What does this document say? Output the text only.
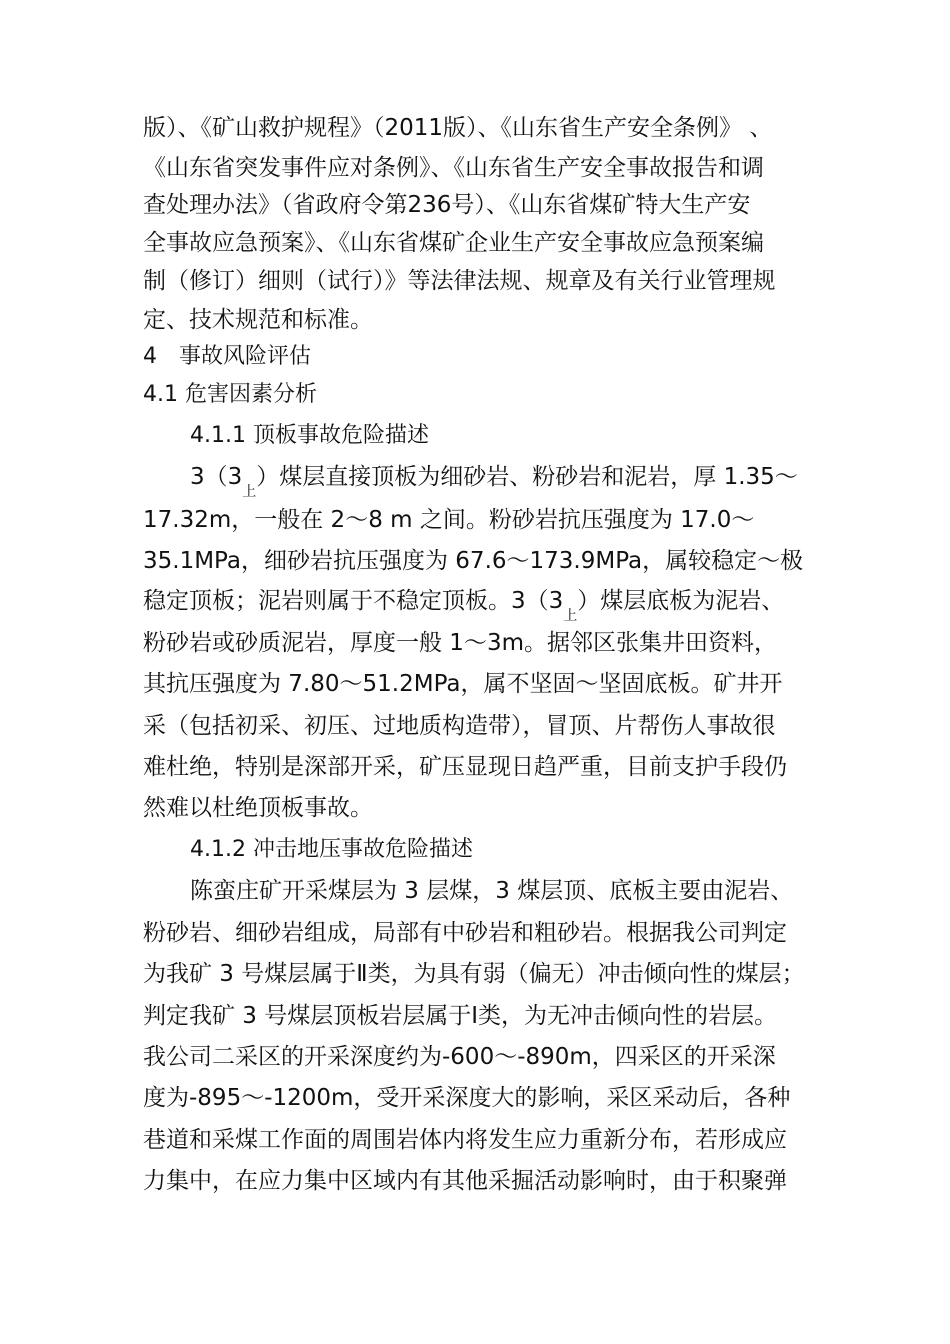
版）、《矿山救护规程》（2011版）、《山东省生产安全条例》 、
《山东省突发事件应对条例》、《山东省生产安全事故报告和调
查处理办法》（省政府令第236号）、《山东省煤矿特大生产安
全事故应急预案》、《山东省煤矿企业生产安全事故应急预案编
制（修订）细则（试行）》等法律法规、规章及有关行业管理规
定、技术规范和标准。
4　事故风险评估
4.1 危害因素分析
4.1.1 顶板事故危险描述
$3(3_上)$煤层直接顶板为细砂岩、粉砂岩和泥岩，厚 1.35～
17.32m，一般在 2～8 m 之间。粉砂岩抗压强度为 17.0～
35.1MPa，细砂岩抗压强度为 67.6～173.9MPa，属较稳定～极
稳定顶板；泥岩则属于不稳定顶板。$3(3_上)$煤层底板为泥岩、
粉砂岩或砂质泥岩，厚度一般 1～3m。据邻区张集井田资料，
其抗压强度为 7.80～51.2MPa，属不坚固～坚固底板。矿井开
采（包括初采、初压、过地质构造带），冒顶、片帮伤人事故很
难杜绝，特别是深部开采，矿压显现日趋严重，目前支护手段仍
然难以杜绝顶板事故。
4.1.2 冲击地压事故危险描述
陈蛮庄矿开采煤层为 3 层煤，3 煤层顶、底板主要由泥岩、
粉砂岩、细砂岩组成，局部有中砂岩和粗砂岩。根据我公司判定
为我矿 3 号煤层属于Ⅱ类，为具有弱（偏无）冲击倾向性的煤层；
判定我矿 3 号煤层顶板岩层属于Ⅰ类，为无冲击倾向性的岩层。
我公司二采区的开采深度约为-600～-890m，四采区的开采深
度为-895～-1200m，受开采深度大的影响，采区采动后，各种
巷道和采煤工作面的周围岩体内将发生应力重新分布，若形成应
力集中，在应力集中区域内有其他采掘活动影响时，由于积聚弹
